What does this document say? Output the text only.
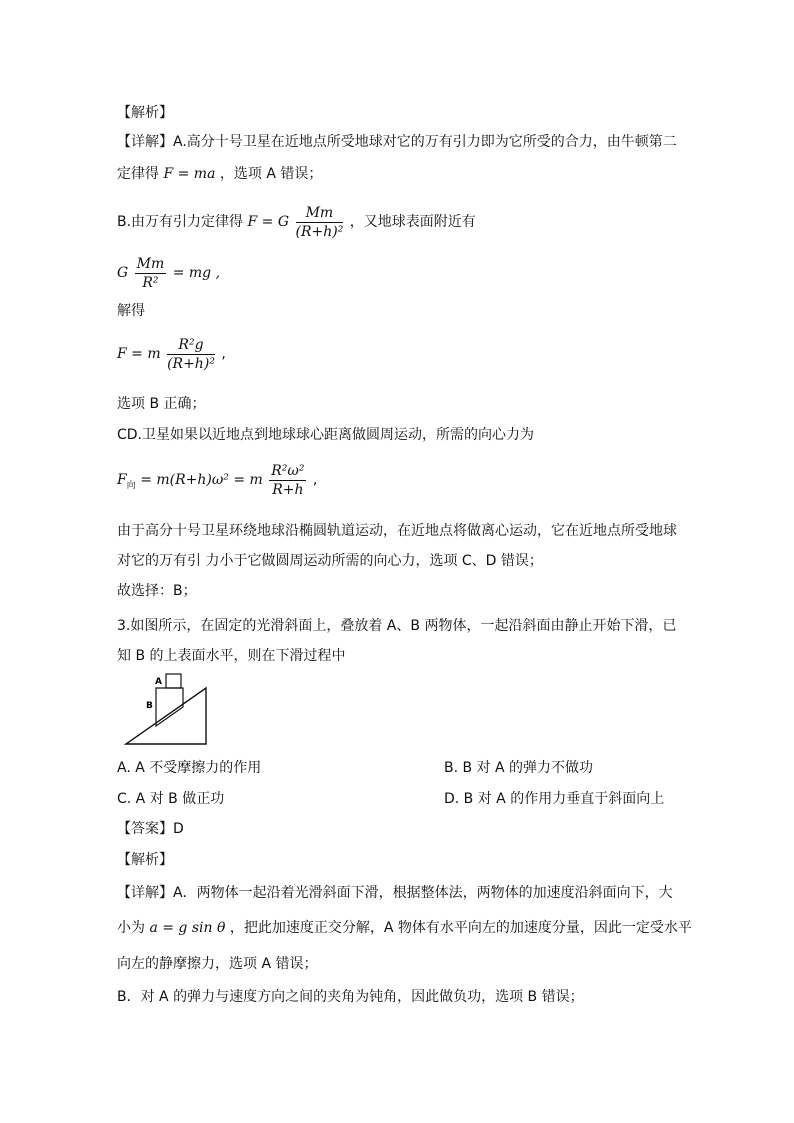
【解析】
【详解】A.高分十号卫星在近地点所受地球对它的万有引力即为它所受的合力，由牛顿第二
定律得 F = ma ，选项 A 错误；
B.由万有引力定律得 F = G $\frac{Mm}{\text{(R+h)²}}$ ，又地球表面附近有
G $\frac{Mm}{\text{R²}}$ = mg ,
解得
F = m $\frac{\text{R²g}}{\text{(R+h)²}}$ ,
选项 B 正确；
CD.卫星如果以近地点到地球球心距离做圆周运动，所需的向心力为
$F_向 = m(R+h)\omega^2 = m \frac{\text{R²ω²}}{R+h}$ ,
由于高分十号卫星环绕地球沿椭圆轨道运动，在近地点将做离心运动，它在近地点所受地球对它的万有引 力小于它做圆周运动所需的向心力，选项 C、D 错误；
故选择：B；
3.如图所示，在固定的光滑斜面上，叠放着 A、B 两物体，一起沿斜面由静止开始下滑，已知 B 的上表面水平，则在下滑过程中
A
B
A. A 不受摩擦力的作用	B. B 对 A 的弹力不做功
C. A 对 B 做正功	D. B 对 A 的作用力垂直于斜面向上
【答案】D
【解析】
【详解】A．两物体一起沿着光滑斜面下滑，根据整体法，两物体的加速度沿斜面向下，大
小为 a = g sin θ ，把此加速度正交分解，A 物体有水平向左的加速度分量，因此一定受水平
向左的静摩擦力，选项 A 错误；
B．对 A 的弹力与速度方向之间的夹角为钝角，因此做负功，选项 B 错误；
